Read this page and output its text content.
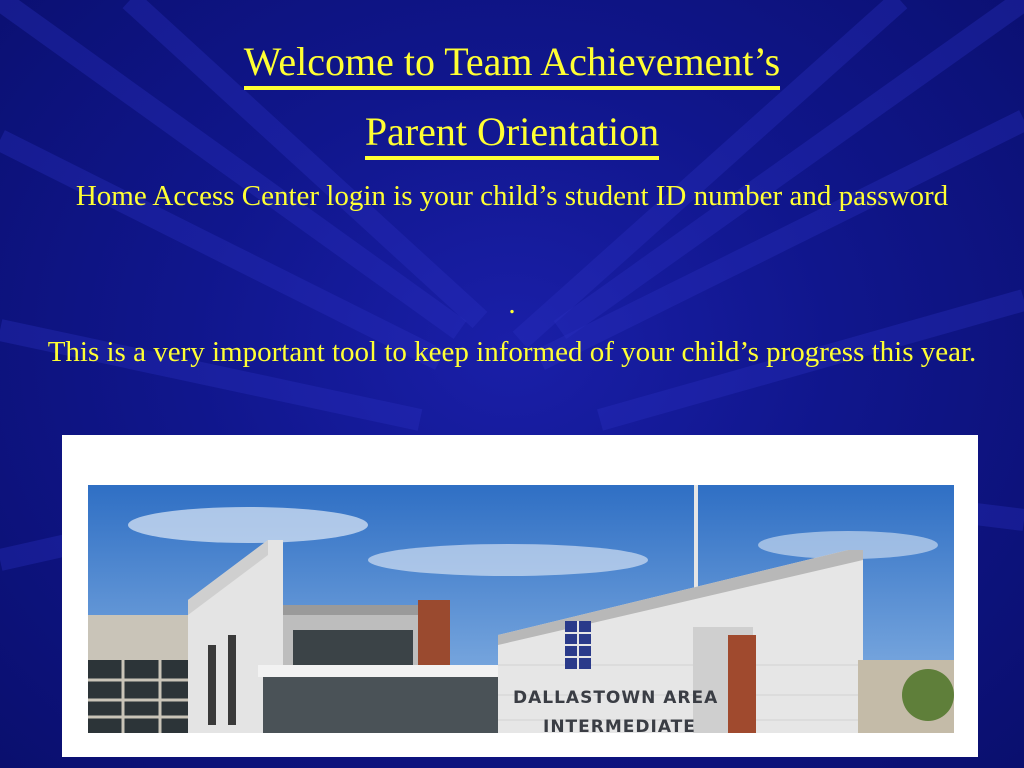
Welcome to Team Achievement’s
Parent Orientation
Home Access Center login is your child’s student ID number and password
.
This is a very important tool to keep informed of your child’s progress this year.
DALLASTOWN AREA
INTERMEDIATE
